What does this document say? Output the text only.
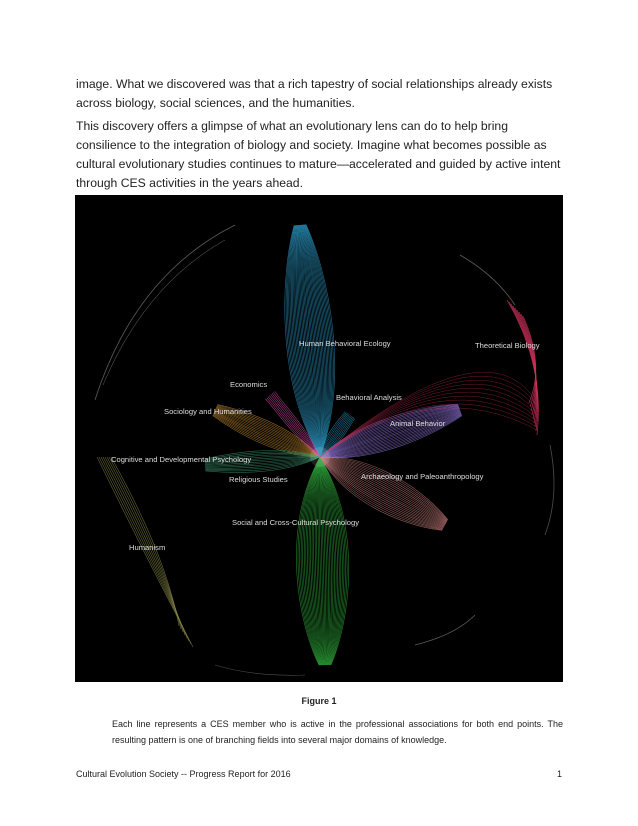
image. What we discovered was that a rich tapestry of social relationships already exists across biology, social sciences, and the humanities.

This discovery offers a glimpse of what an evolutionary lens can do to help bring consilience to the integration of biology and society. Imagine what becomes possible as cultural evolutionary studies continues to mature—accelerated and guided by active intent through CES activities in the years ahead.

Human Behavioral Ecology	Theoretical Biology
Economics
Behavioral Analysis
Sociology and Humanities
Animal Behavior
Cognitive and Developmental Psychology
Religious Studies	Archaeology and Paleoanthropology
Social and Cross-Cultural Psychology
Humanism
Figure 1
Each line represents a CES member who is active in the professional associations for both end points. The resulting pattern is one of branching fields into several major domains of knowledge.
Cultural Evolution Society -- Progress Report for 2016	1
